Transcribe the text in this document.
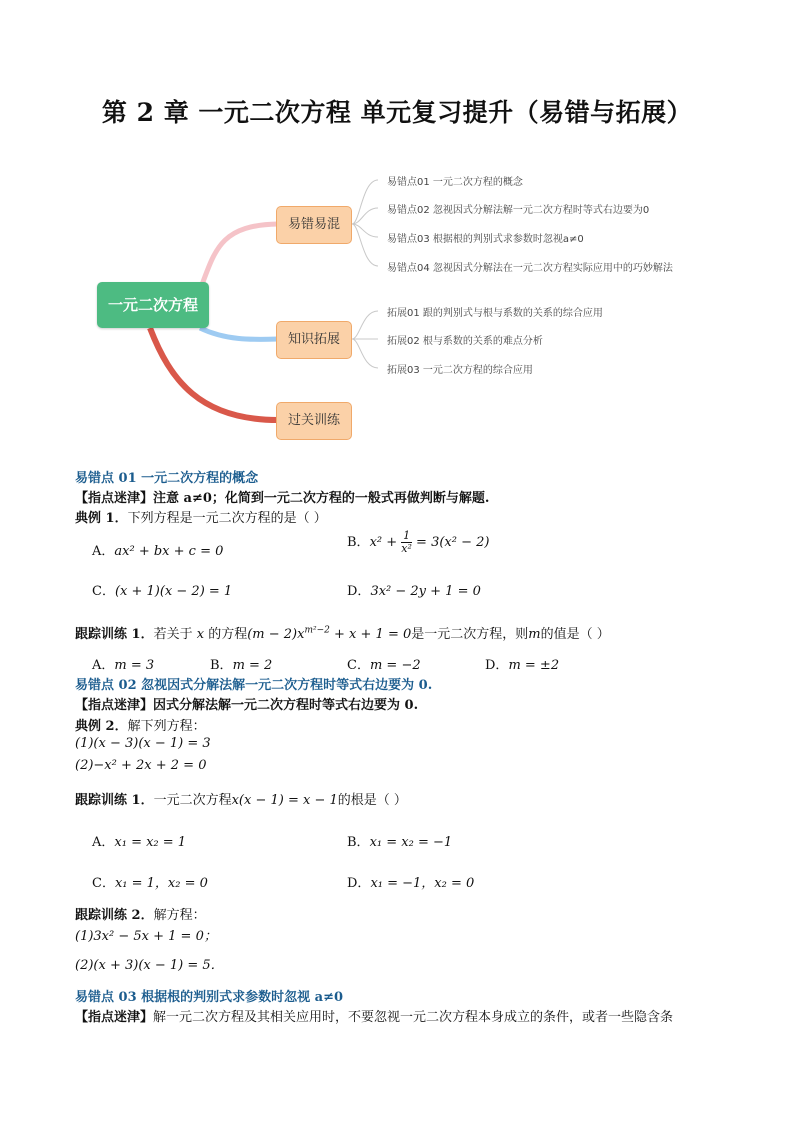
第 2 章 一元二次方程 单元复习提升（易错与拓展）
一元二次方程
易错易混
知识拓展
过关训练
易错点01 一元二次方程的概念
易错点02 忽视因式分解法解一元二次方程时等式右边要为0
易错点03 根据根的判别式求参数时忽视a≠0
易错点04 忽视因式分解法在一元二次方程实际应用中的巧妙解法
拓展01 跟的判别式与根与系数的关系的综合应用
拓展02 根与系数的关系的难点分析
拓展03 一元二次方程的综合应用
易错点 01 一元二次方程的概念
【指点迷津】注意 a≠0；化简到一元二次方程的一般式再做判断与解题.
典例 1．下列方程是一元二次方程的是（ ）
A．ax² + bx + c = 0
B．$x^2 + \frac{1}{\text{x²}} = 3(x^2 - 2)$
C．(x + 1)(x − 2) = 1	D．3x² − 2y + 1 = 0
跟踪训练 1．若关于 x 的方程$(m - 2)x^{m^2-2} + x + 1 = 0$是一元二次方程，则m的值是（ ）
A．m = 3	B．m = 2	C．m = −2	D．m = ±2
易错点 02 忽视因式分解法解一元二次方程时等式右边要为 0.
【指点迷津】因式分解法解一元二次方程时等式右边要为 0.
典例 2．解下列方程：
(1)(x − 3)(x − 1) = 3
(2)−x² + 2x + 2 = 0
跟踪训练 1．一元二次方程x(x − 1) = x − 1的根是（ ）
A．x₁ = x₂ = 1	B．x₁ = x₂ = −1
C．x₁ = 1，x₂ = 0	D．x₁ = −1，x₂ = 0
跟踪训练 2．解方程：
(1)3x² − 5x + 1 = 0；
(2)(x + 3)(x − 1) = 5．
易错点 03 根据根的判别式求参数时忽视 a≠0
【指点迷津】解一元二次方程及其相关应用时，不要忽视一元二次方程本身成立的条件，或者一些隐含条
